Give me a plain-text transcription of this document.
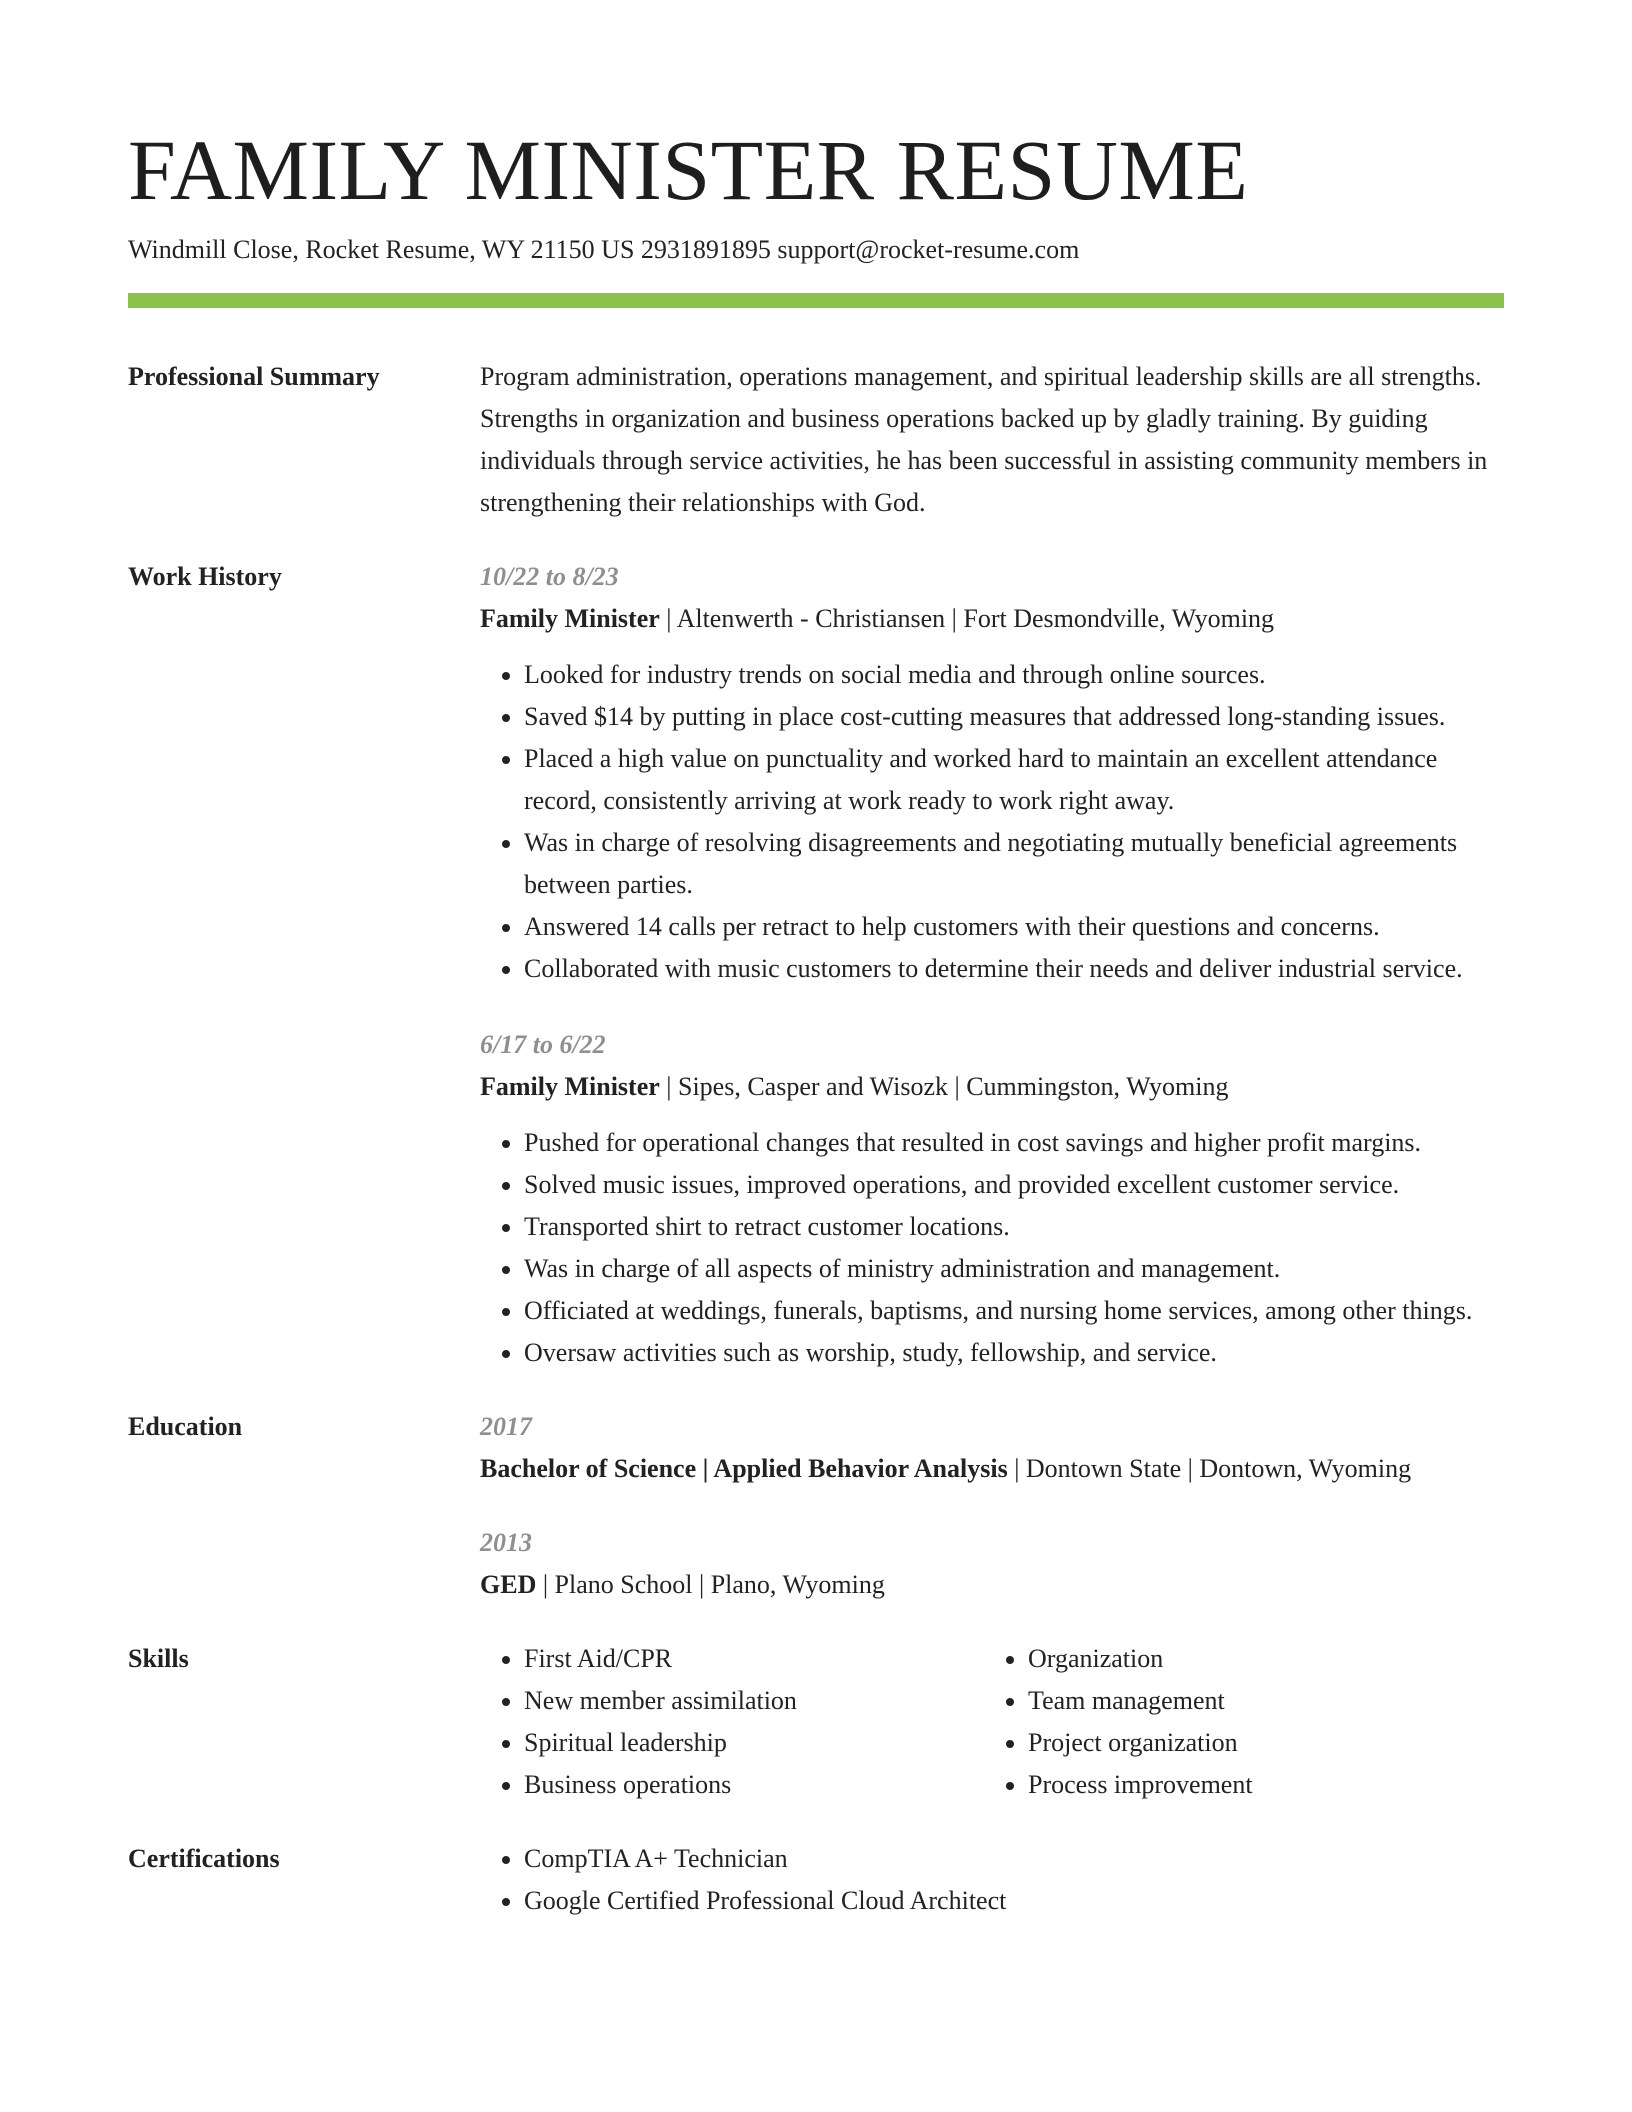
FAMILY MINISTER RESUME
Windmill Close, Rocket Resume, WY 21150 US 2931891895 support@rocket-resume.com
Professional Summary	Program administration, operations management, and spiritual leadership skills are all strengths. Strengths in organization and business operations backed up by gladly training. By guiding individuals through service activities, he has been successful in assisting community members in strengthening their relationships with God.

Work History	10/22 to 8/23
Family Minister | Altenwerth - Christiansen | Fort Desmondville, Wyoming
• Looked for industry trends on social media and through online sources.
• Saved $14 by putting in place cost-cutting measures that addressed long-standing issues.
• Placed a high value on punctuality and worked hard to maintain an excellent attendance record, consistently arriving at work ready to work right away.
• Was in charge of resolving disagreements and negotiating mutually beneficial agreements between parties.
• Answered 14 calls per retract to help customers with their questions and concerns.
• Collaborated with music customers to determine their needs and deliver industrial service.
6/17 to 6/22
Family Minister | Sipes, Casper and Wisozk | Cummingston, Wyoming
• Pushed for operational changes that resulted in cost savings and higher profit margins.
• Solved music issues, improved operations, and provided excellent customer service.
• Transported shirt to retract customer locations.
• Was in charge of all aspects of ministry administration and management.
• Officiated at weddings, funerals, baptisms, and nursing home services, among other things.
• Oversaw activities such as worship, study, fellowship, and service.
Education	2017
Bachelor of Science | Applied Behavior Analysis | Dontown State | Dontown, Wyoming
2013
GED | Plano School | Plano, Wyoming
Skills	• First Aid/CPR
• New member assimilation
• Spiritual leadership
• Business operations
• Organization
• Team management
• Project organization
• Process improvement
Certifications	• CompTIA A+ Technician
• Google Certified Professional Cloud Architect
